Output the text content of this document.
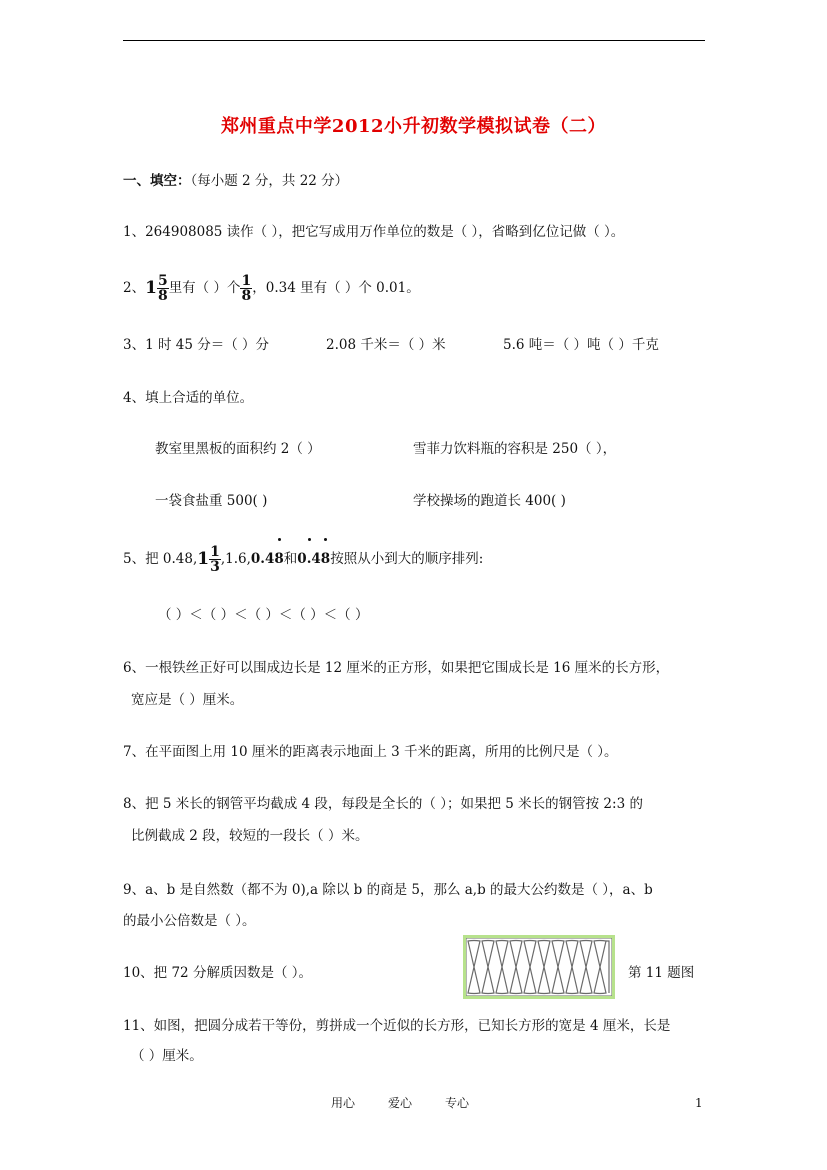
郑州重点中学2012小升初数学模拟试卷（二）
一、填空：（每小题 2 分，共 22 分）
1、264908085 读作（ ），把它写成用万作单位的数是（ ），省略到亿位记做（ ）。
2、$1 \frac{5}{8}$ 里有（ ）个 $\frac{1}{8}$ ，0.34 里有（ ）个 0.01。
3、1 时 45 分＝（ ）分	2.08 千米＝（ ）米	5.6 吨＝（ ）吨（ ）千克
4、填上合适的单位。
教室里黑板的面积约 2（ ）	雪菲力饮料瓶的容积是 250（ ），
一袋食盐重 500( )	学校操场的跑道长 400( )
5、把 $0.48,1 \frac{1}{3} ,1.6,0.48$和0.48按照从小到大的顺序排列:
（ ）＜（ ）＜（ ）＜（ ）＜（ ）
6、一根铁丝正好可以围成边长是 12 厘米的正方形，如果把它围成长是 16 厘米的长方形，
宽应是（ ）厘米。
7、在平面图上用 10 厘米的距离表示地面上 3 千米的距离，所用的比例尺是（ ）。
8、把 5 米长的钢管平均截成 4 段，每段是全长的（ ）；如果把 5 米长的钢管按 2:3 的
比例截成 2 段，较短的一段长（ ）米。
9、a、b 是自然数（都不为 0),a 除以 b 的商是 5，那么 a,b 的最大公约数是（ ），a、b
的最小公倍数是（ ）。
10、把 72 分解质因数是（ ）。	第 11 题图
11、如图，把圆分成若干等份，剪拼成一个近似的长方形，已知长方形的宽是 4 厘米，长是
（ ）厘米。
用心	爱心	专心	1
